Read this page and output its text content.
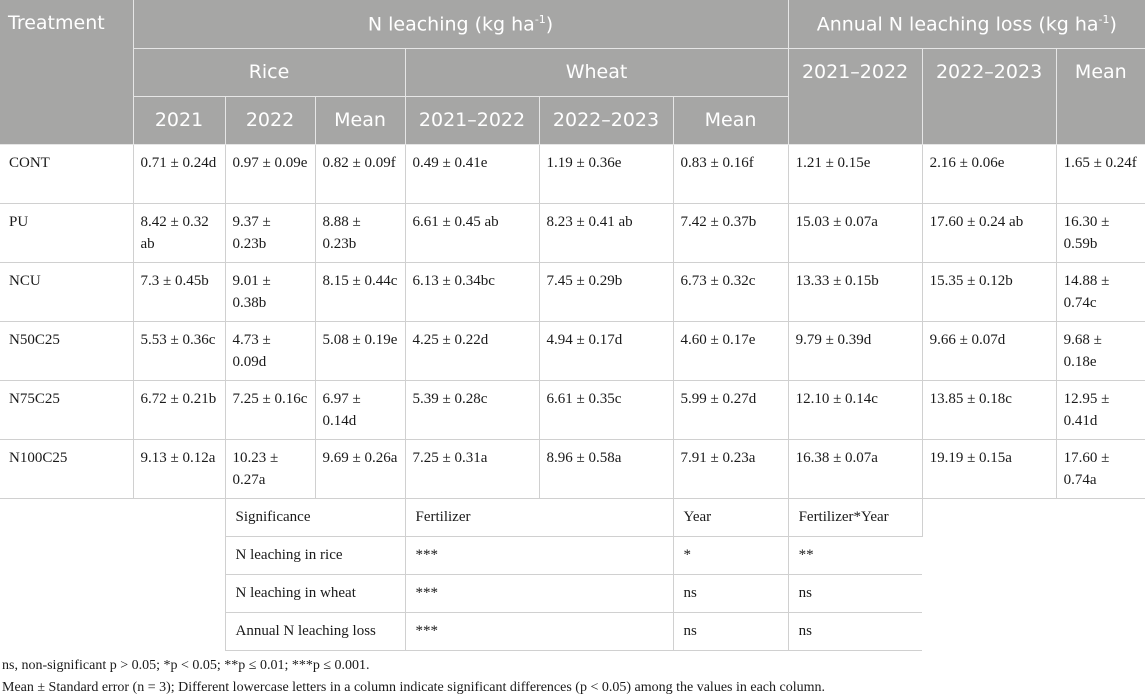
Treatment	N leaching (kg $ha^{-1}$)						Annual N leaching loss (kg $ha^{-1}$)		
	Rice			Wheat			2021–2022	2022–2023	Mean
	2021	2022	Mean	2021–2022	2022–2023	Mean			
CONT	0.71 ± 0.24d	0.97 ± 0.09e	0.82 ± 0.09f	0.49 ± 0.41e	1.19 ± 0.36e	0.83 ± 0.16f	1.21 ± 0.15e	2.16 ± 0.06e	1.65 ± 0.24f
PU	8.42 ± 0.32 ab	9.37 ± 0.23b	8.88 ± 0.23b	6.61 ± 0.45 ab	8.23 ± 0.41 ab	7.42 ± 0.37b	15.03 ± 0.07a	17.60 ± 0.24 ab	16.30 ± 0.59b
NCU	7.3 ± 0.45b	9.01 ± 0.38b	8.15 ± 0.44c	6.13 ± 0.34bc	7.45 ± 0.29b	6.73 ± 0.32c	13.33 ± 0.15b	15.35 ± 0.12b	14.88 ± 0.74c
N50C25	5.53 ± 0.36c	4.73 ± 0.09d	5.08 ± 0.19e	4.25 ± 0.22d	4.94 ± 0.17d	4.60 ± 0.17e	9.79 ± 0.39d	9.66 ± 0.07d	9.68 ± 0.18e
N75C25	6.72 ± 0.21b	7.25 ± 0.16c	6.97 ± 0.14d	5.39 ± 0.28c	6.61 ± 0.35c	5.99 ± 0.27d	12.10 ± 0.14c	13.85 ± 0.18c	12.95 ± 0.41d
N100C25	9.13 ± 0.12a	10.23 ± 0.27a	9.69 ± 0.26a	7.25 ± 0.31a	8.96 ± 0.58a	7.91 ± 0.23a	16.38 ± 0.07a	19.19 ± 0.15a	17.60 ± 0.74a
		Significance		Fertilizer		Year	Fertilizer*Year		
		N leaching in rice		***		*	**		
		N leaching in wheat		***		ns	ns		
		Annual N leaching loss		***		ns	ns		
ns, non-significant p > 0.05; *p < 0.05; **p ≤ 0.01; ***p ≤ 0.001.
Mean ± Standard error (n = 3); Different lowercase letters in a column indicate significant differences (p < 0.05) among the values in each column.
